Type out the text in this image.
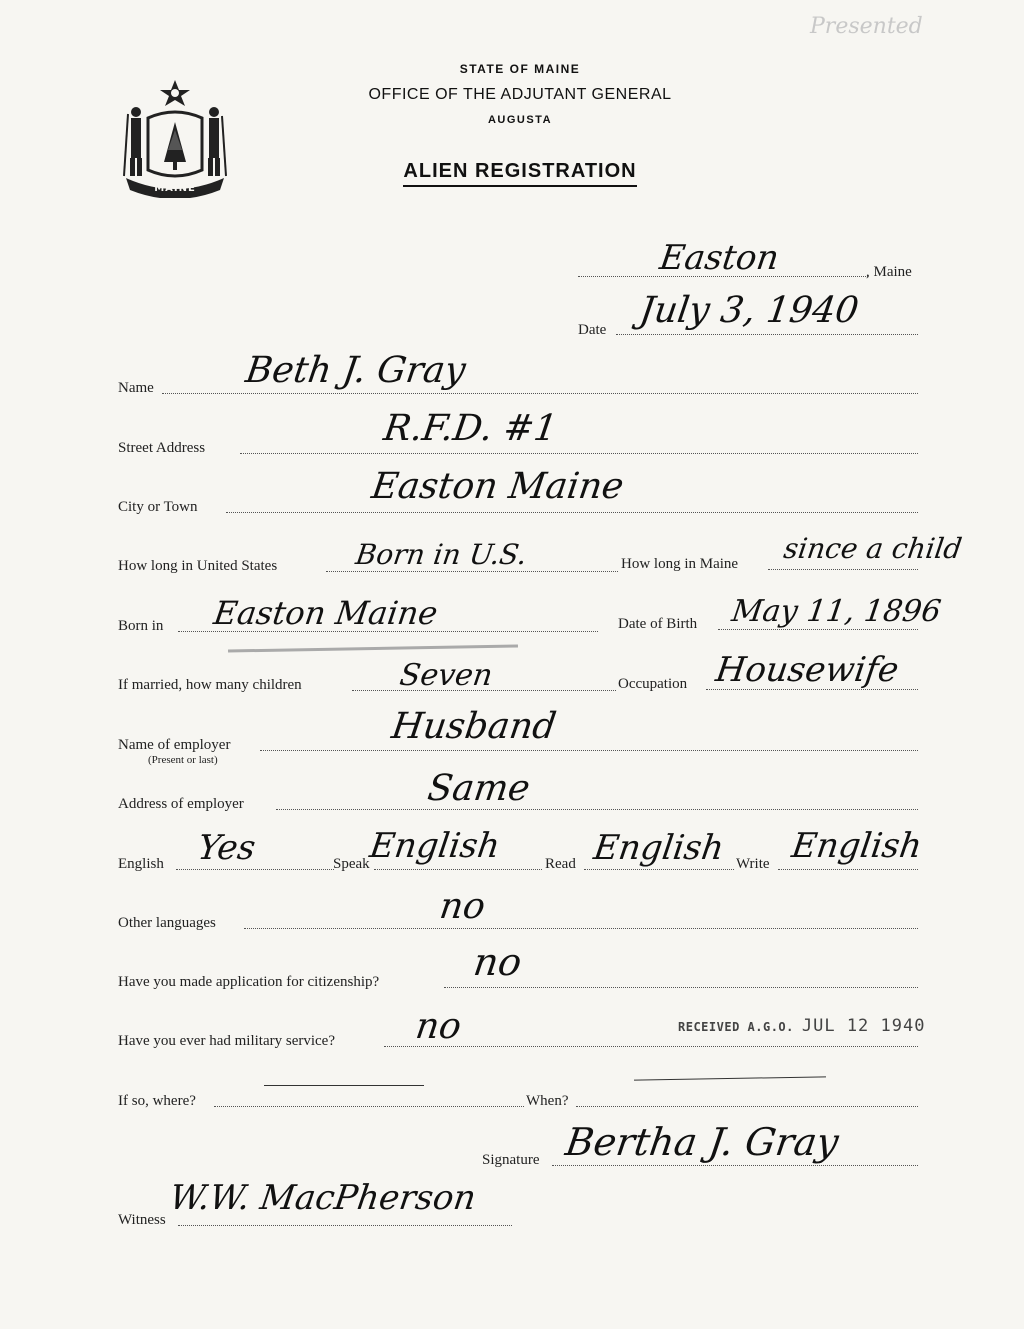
Presented
MAINE
STATE OF MAINE
OFFICE OF THE ADJUTANT GENERAL
AUGUSTA
ALIEN REGISTRATION
Easton	, Maine
Date July 3, 1940
Name Beth J. Gray
Street Address	R.F.D. #1
City or Town	Easton Maine
How long in United States	Born in U.S.	How long in Maine since a child
Born in Easton Maine	Date of Birth May 11, 1896
If married, how many children	Seven	Occupation Housewife
Name of employer
(Present or last)
Husband
Address of employer	Same
English Yes	Speak
English	Read English Write English
Other languages	no
Have you made application for citizenship? no
Have you ever had military service? no
If so, where?	When?
Signature Bertha J. Gray
Witness
W.W. MacPherson
RECEIVED A.G.O. JUL 12 1940
